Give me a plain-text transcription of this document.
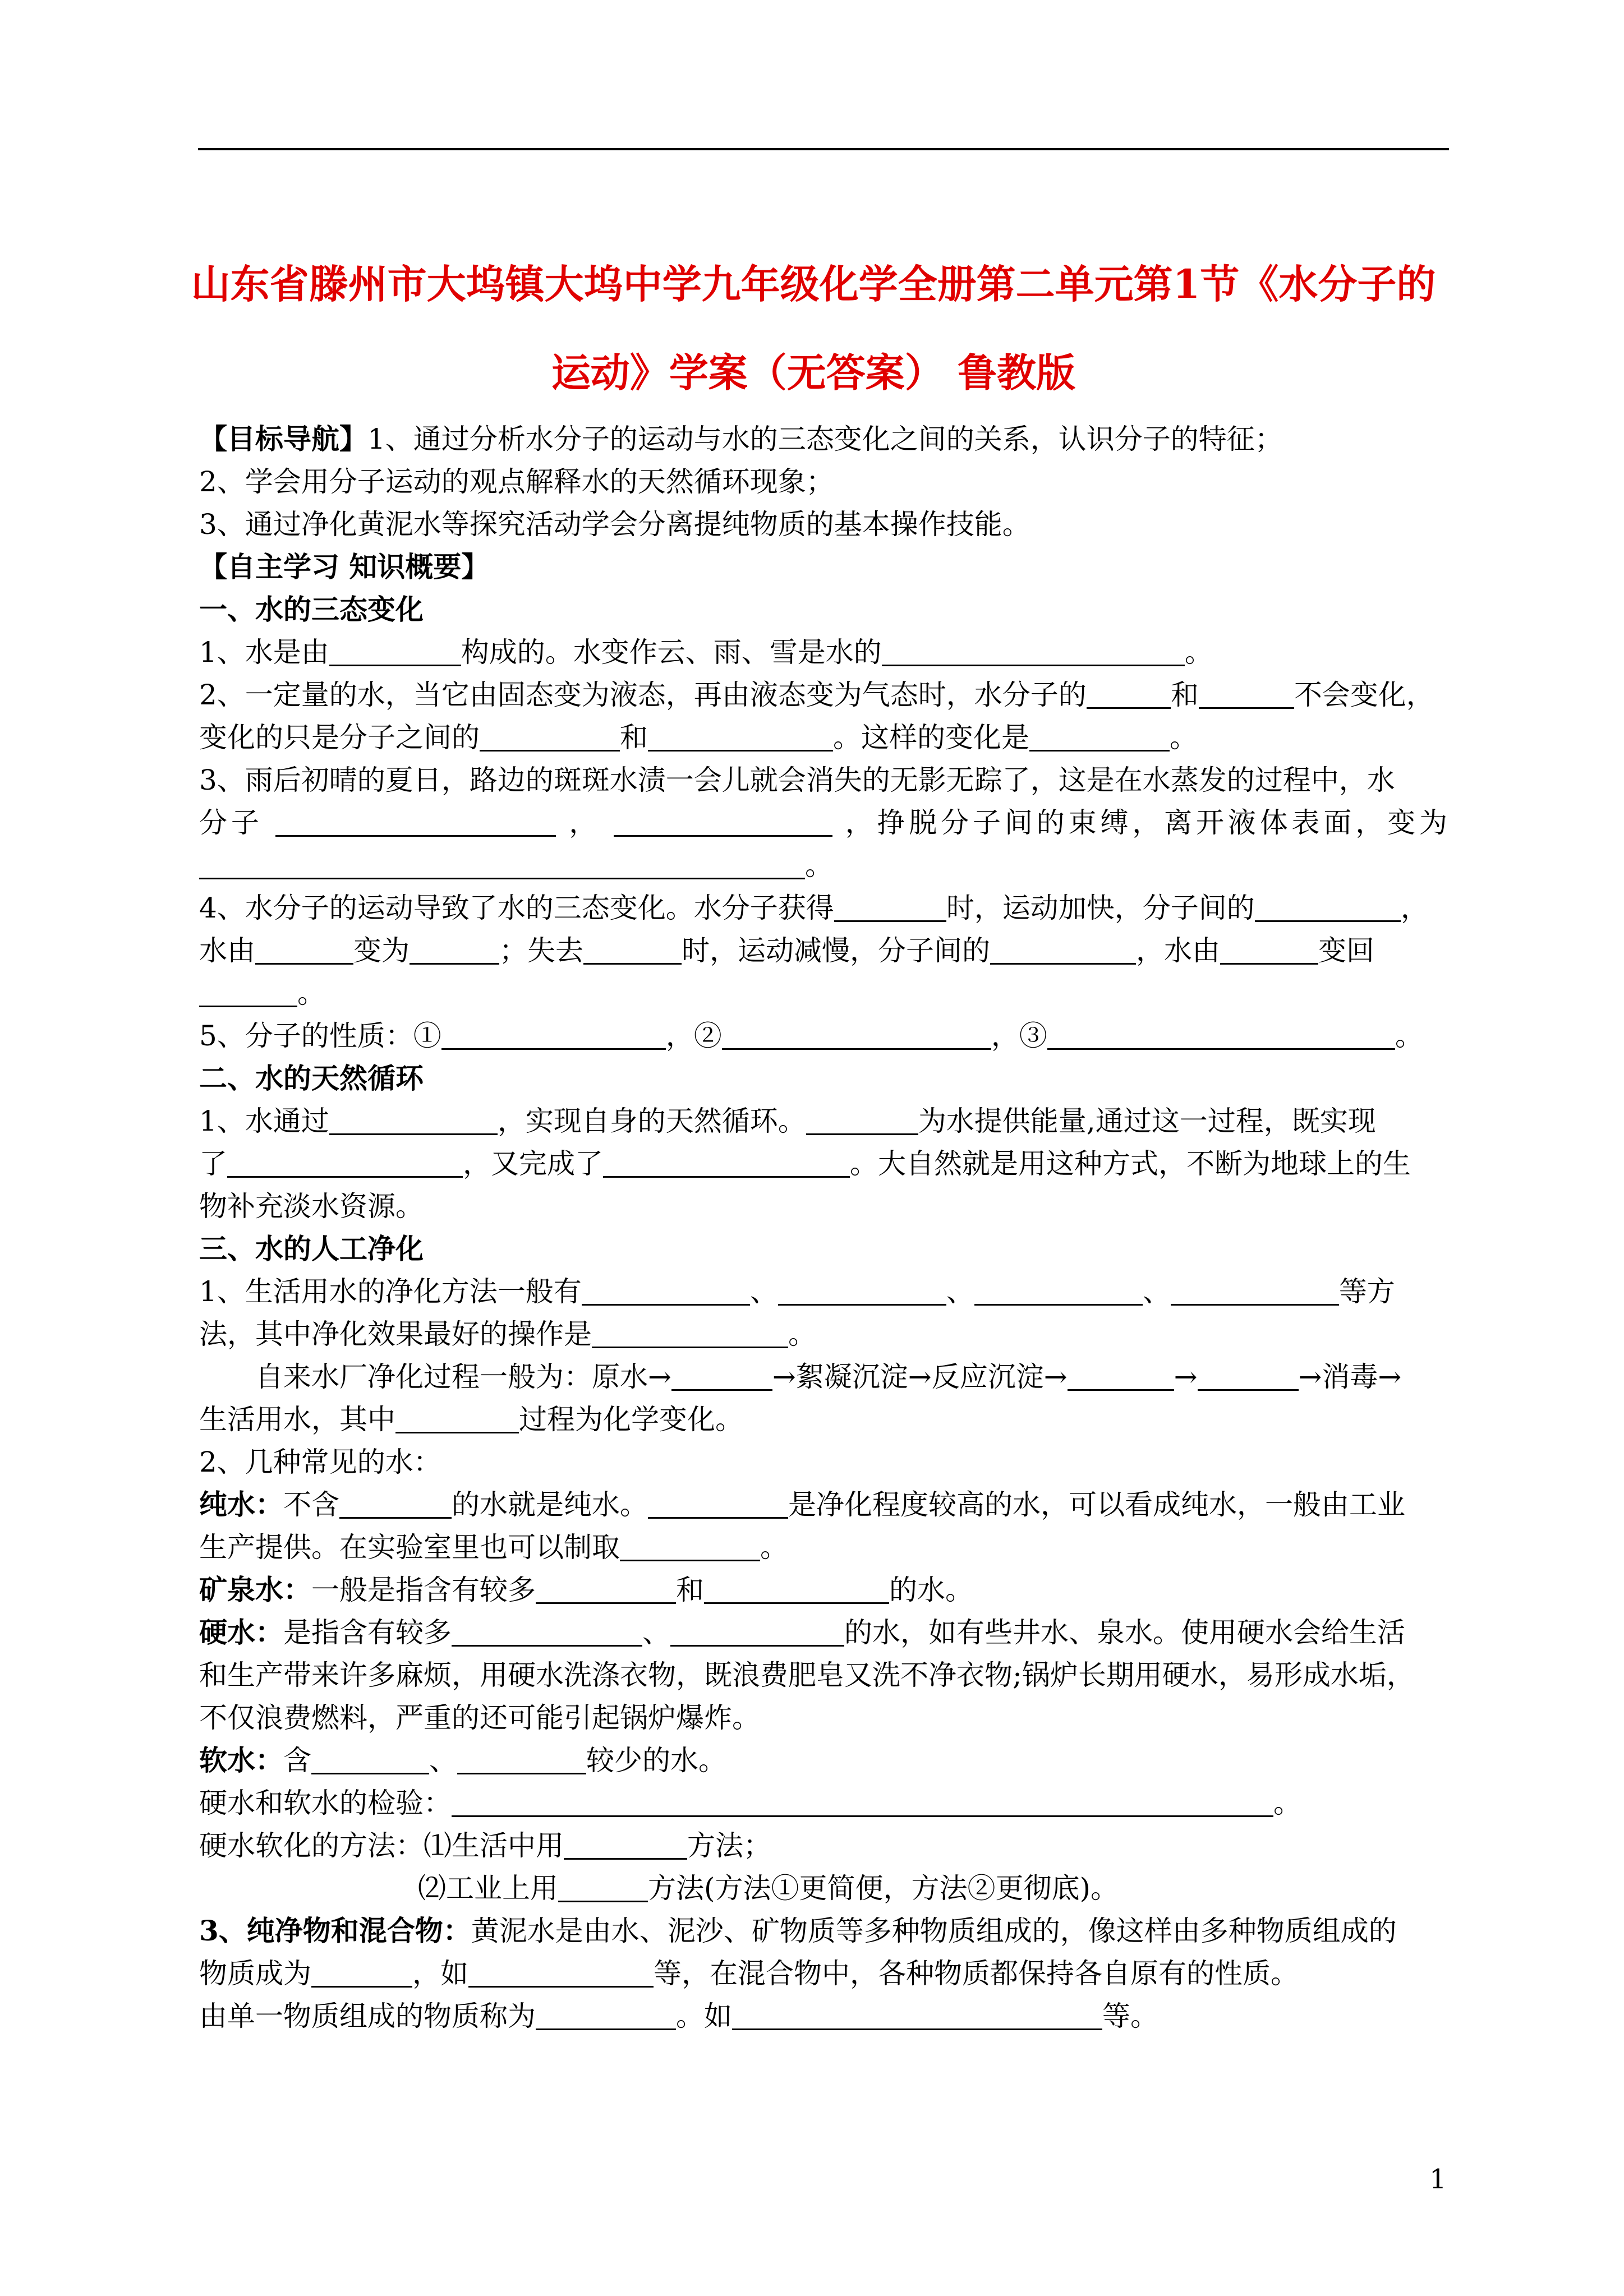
山东省滕州市大坞镇大坞中学九年级化学全册第二单元第1节《水分子的
运动》学案（无答案） 鲁教版
【目标导航】1、通过分析水分子的运动与水的三态变化之间的关系，认识分子的特征；
2、学会用分子运动的观点解释水的天然循环现象；
3、通过净化黄泥水等探究活动学会分离提纯物质的基本操作技能。
【自主学习 知识概要】
一、水的三态变化
1、水是由	构成的。水变作云、雨、雪是水的	。
2、一定量的水，当它由固态变为液态，再由液态变为气态时，水分子的	和	不会变化，
变化的只是分子之间的	和	。这样的变化是	。
3、雨后初晴的夏日，路边的斑斑水渍一会儿就会消失的无影无踪了，这是在水蒸发的过程中，水
分子	，	，挣脱分子间的束缚，离开液体表面，变为
。
4、水分子的运动导致了水的三态变化。水分子获得	时，运动加快，分子间的	，
水由	变为	；失去	时，运动减慢，分子间的	，水由	变回
。
5、分子的性质：①	，②	，③	。
二、水的天然循环
1、水通过	，实现自身的天然循环。	为水提供能量,通过这一过程，既实现
了	，又完成了	。大自然就是用这种方式，不断为地球上的生
物补充淡水资源。
三、水的人工净化
1、生活用水的净化方法一般有	、	、	、	等方
法，其中净化效果最好的操作是	。
自来水厂净化过程一般为：原水→	→絮凝沉淀→反应沉淀→	→	→消毒→
生活用水，其中	过程为化学变化。
2、几种常见的水：
纯水：不含	的水就是纯水。	是净化程度较高的水，可以看成纯水，一般由工业
生产提供。在实验室里也可以制取	。
矿泉水：一般是指含有较多	和	的水。
硬水：是指含有较多	、	的水，如有些井水、泉水。使用硬水会给生活
和生产带来许多麻烦，用硬水洗涤衣物，既浪费肥皂又洗不净衣物;锅炉长期用硬水，易形成水垢，
不仅浪费燃料，严重的还可能引起锅炉爆炸。
软水：含	、	较少的水。
硬水和软水的检验：	。
硬水软化的方法：⑴生活中用	方法；
⑵工业上用	方法(方法①更简便，方法②更彻底)。
3、纯净物和混合物：黄泥水是由水、泥沙、矿物质等多种物质组成的，像这样由多种物质组成的
物质成为	，如	等，在混合物中，各种物质都保持各自原有的性质。
由单一物质组成的物质称为	。如	等。
1
